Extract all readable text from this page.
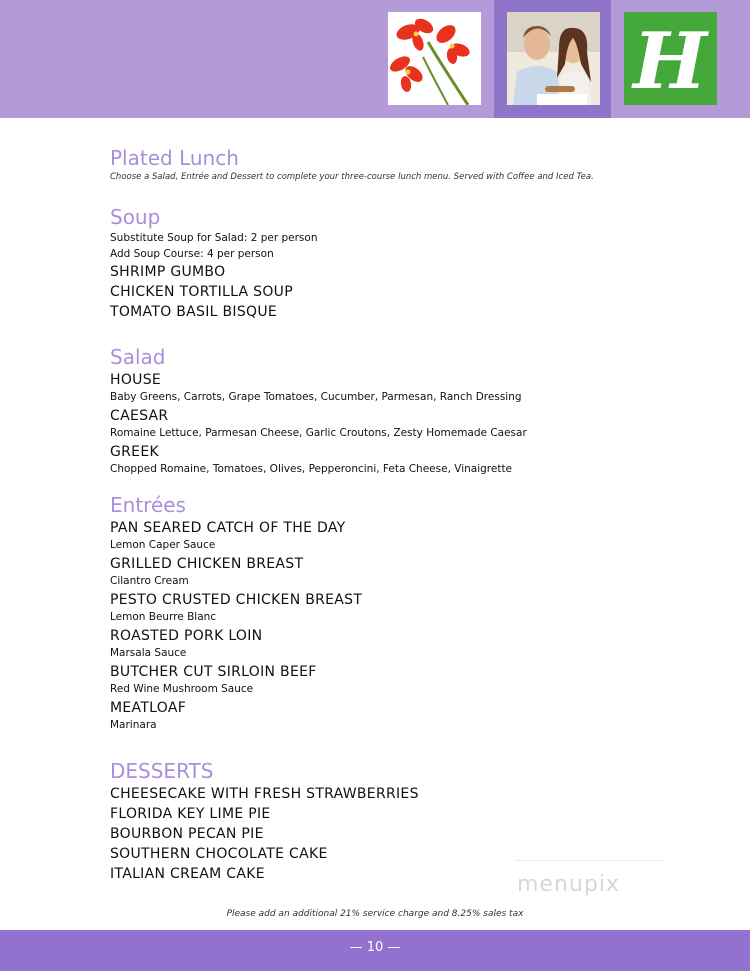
H
Plated Lunch

Choose a Salad, Entrée and Dessert to complete your three-course lunch menu. Served with Coffee and Iced Tea.

Soup

Substitute Soup for Salad: 2 per person

Add Soup Course: 4 per person

SHRIMP GUMBO

CHICKEN TORTILLA SOUP

TOMATO BASIL BISQUE

Salad

HOUSE

Baby Greens, Carrots, Grape Tomatoes, Cucumber, Parmesan, Ranch Dressing

CAESAR

Romaine Lettuce, Parmesan Cheese, Garlic Croutons, Zesty Homemade Caesar

GREEK

Chopped Romaine, Tomatoes, Olives, Pepperoncini, Feta Cheese, Vinaigrette

Entrées

PAN SEARED CATCH OF THE DAY

Lemon Caper Sauce

GRILLED CHICKEN BREAST

Cilantro Cream

PESTO CRUSTED CHICKEN BREAST

Lemon Beurre Blanc

ROASTED PORK LOIN

Marsala Sauce

BUTCHER CUT SIRLOIN BEEF

Red Wine Mushroom Sauce

MEATLOAF

Marinara

DESSERTS

CHEESECAKE WITH FRESH STRAWBERRIES

FLORIDA KEY LIME PIE

BOURBON PECAN PIE

SOUTHERN CHOCOLATE CAKE

ITALIAN CREAM CAKE	menupix
Please add an additional 21% service charge and 8.25% sales tax
— 10 —
